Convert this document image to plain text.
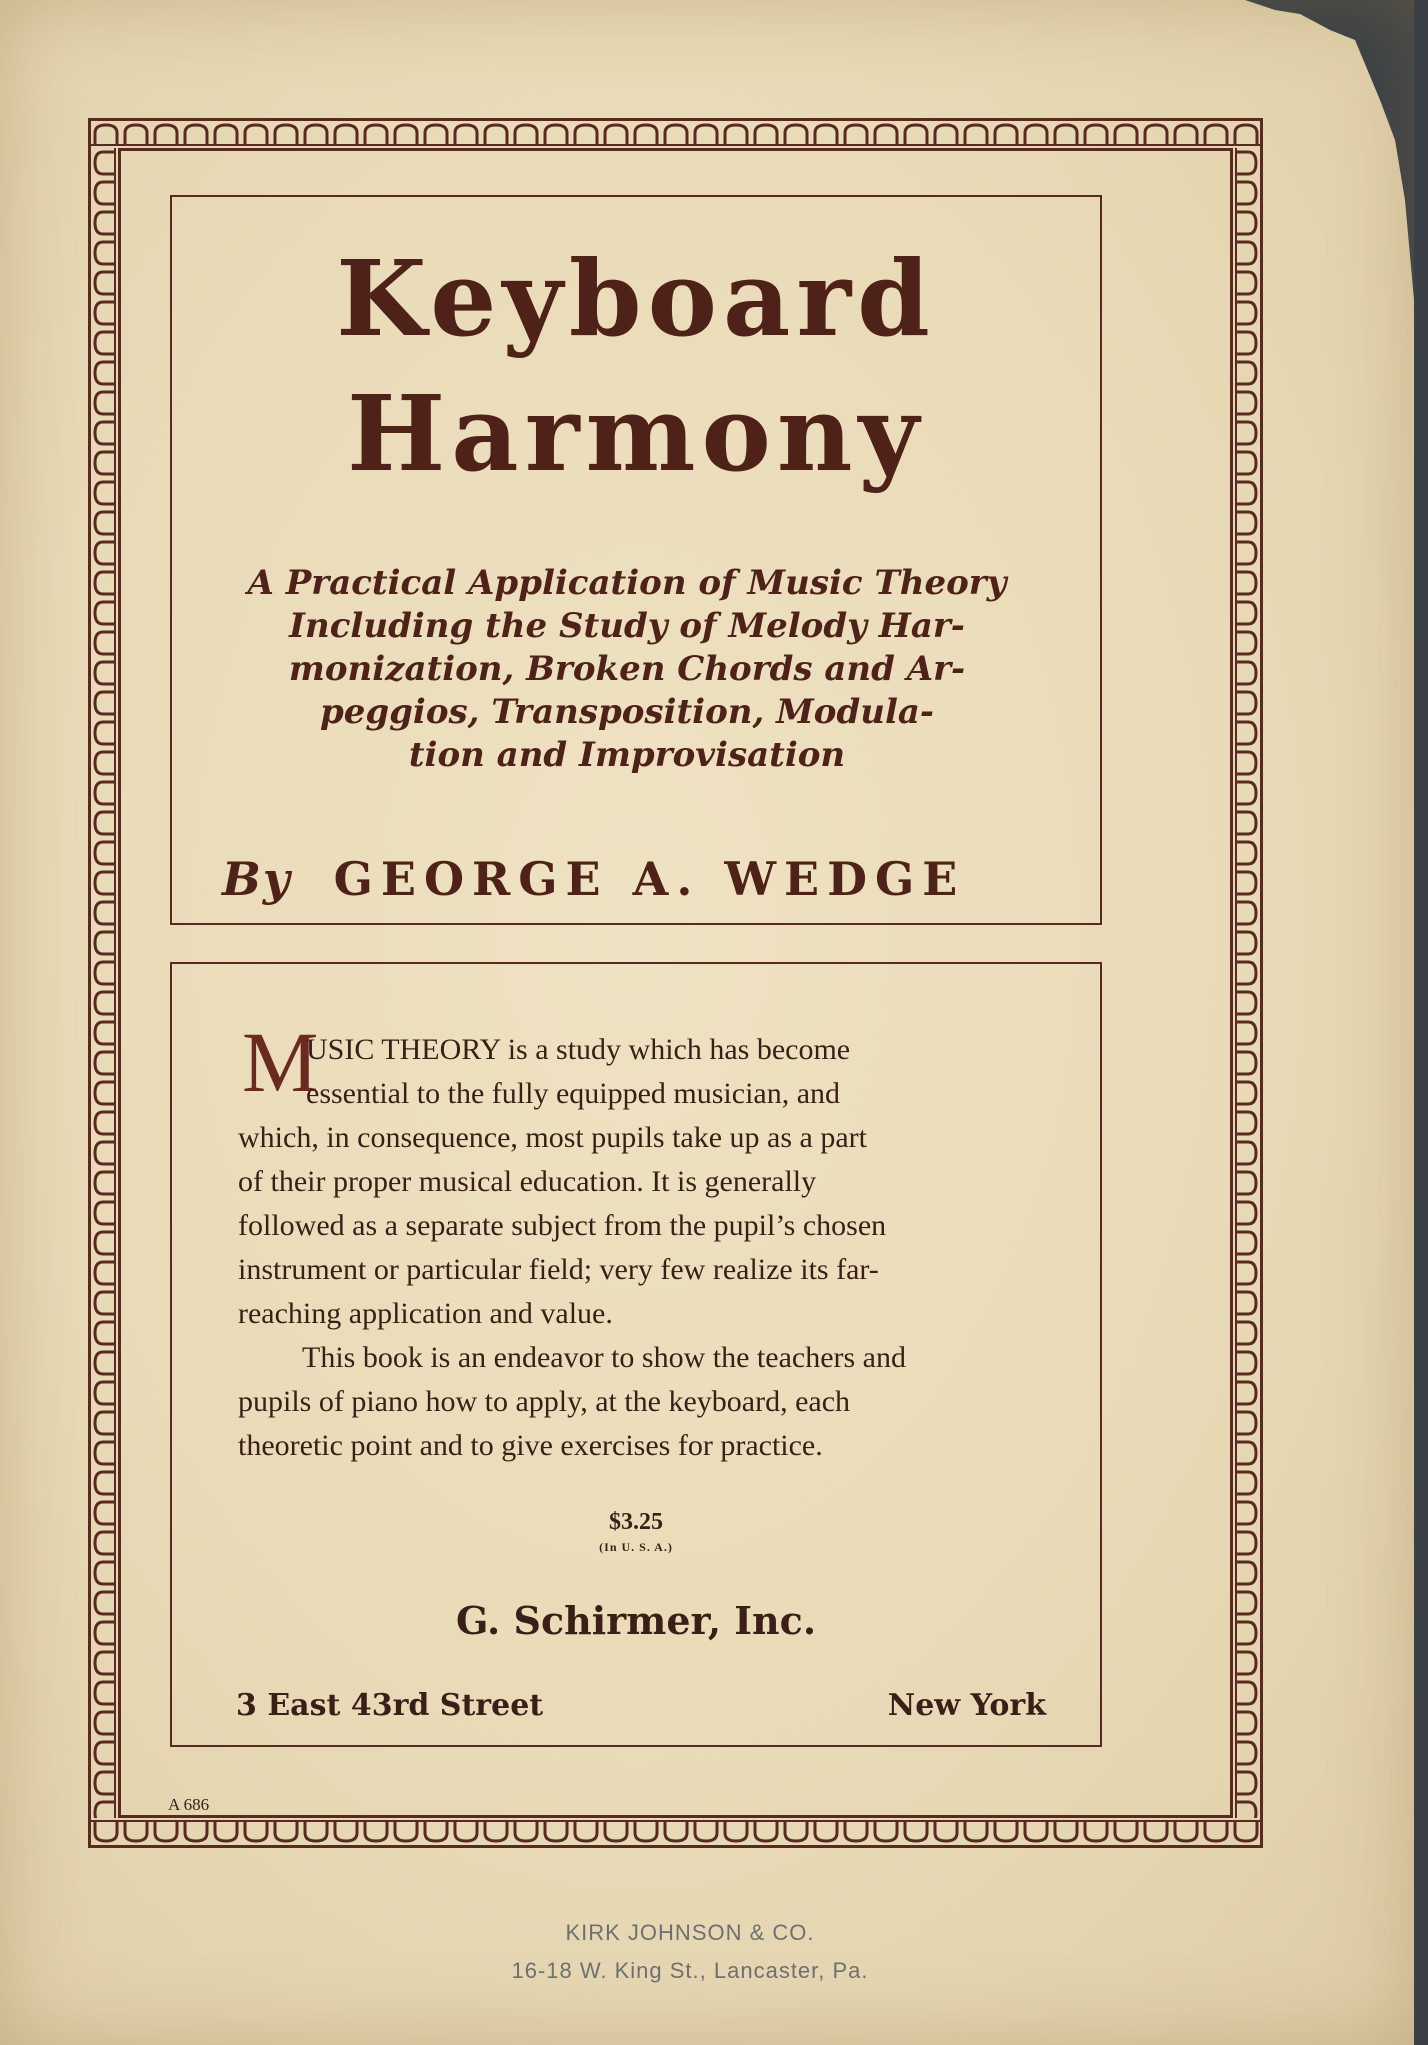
Keyboard
Harmony
A Practical Application of Music Theory
Including the Study of Melody Har-
monization, Broken Chords and Ar-
peggios, Transposition, Modula-
tion and Improvisation
By GEORGE A. WEDGE
M
USIC THEORY is a study which has become
essential to the fully equipped musician, and
which, in consequence, most pupils take up as a part
of their proper musical education. It is generally
followed as a separate subject from the pupil’s chosen
instrument or particular field; very few realize its far-
reaching application and value.
This book is an endeavor to show the teachers and
pupils of piano how to apply, at the keyboard, each
theoretic point and to give exercises for practice.
$3.25
(In U. S. A.)
G. Schirmer, Inc.
3 East 43rd Street	New York
A 686
KIRK JOHNSON & CO.
16-18 W. King St., Lancaster, Pa.
